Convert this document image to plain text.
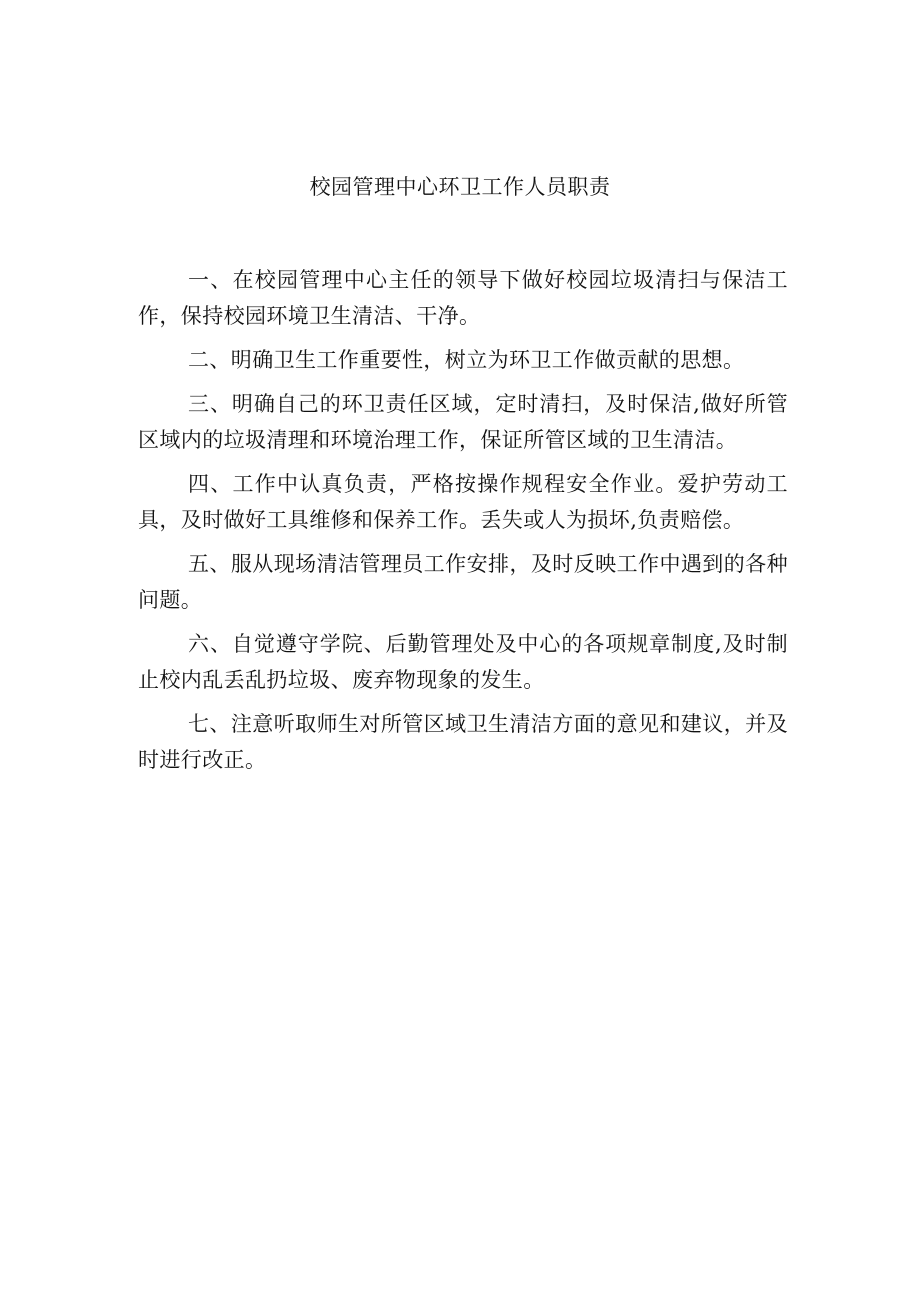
校园管理中心环卫工作人员职责

一、在校园管理中心主任的领导下做好校园垃圾清扫与保洁工作，保持校园环境卫生清洁、干净。

二、明确卫生工作重要性，树立为环卫工作做贡献的思想。

三、明确自己的环卫责任区域，定时清扫，及时保洁,做好所管区域内的垃圾清理和环境治理工作，保证所管区域的卫生清洁。

四、工作中认真负责，严格按操作规程安全作业。爱护劳动工具，及时做好工具维修和保养工作。丢失或人为损坏,负责赔偿。

五、服从现场清洁管理员工作安排，及时反映工作中遇到的各种问题。

六、自觉遵守学院、后勤管理处及中心的各项规章制度,及时制止校内乱丢乱扔垃圾、废弃物现象的发生。

七、注意听取师生对所管区域卫生清洁方面的意见和建议，并及时进行改正。
